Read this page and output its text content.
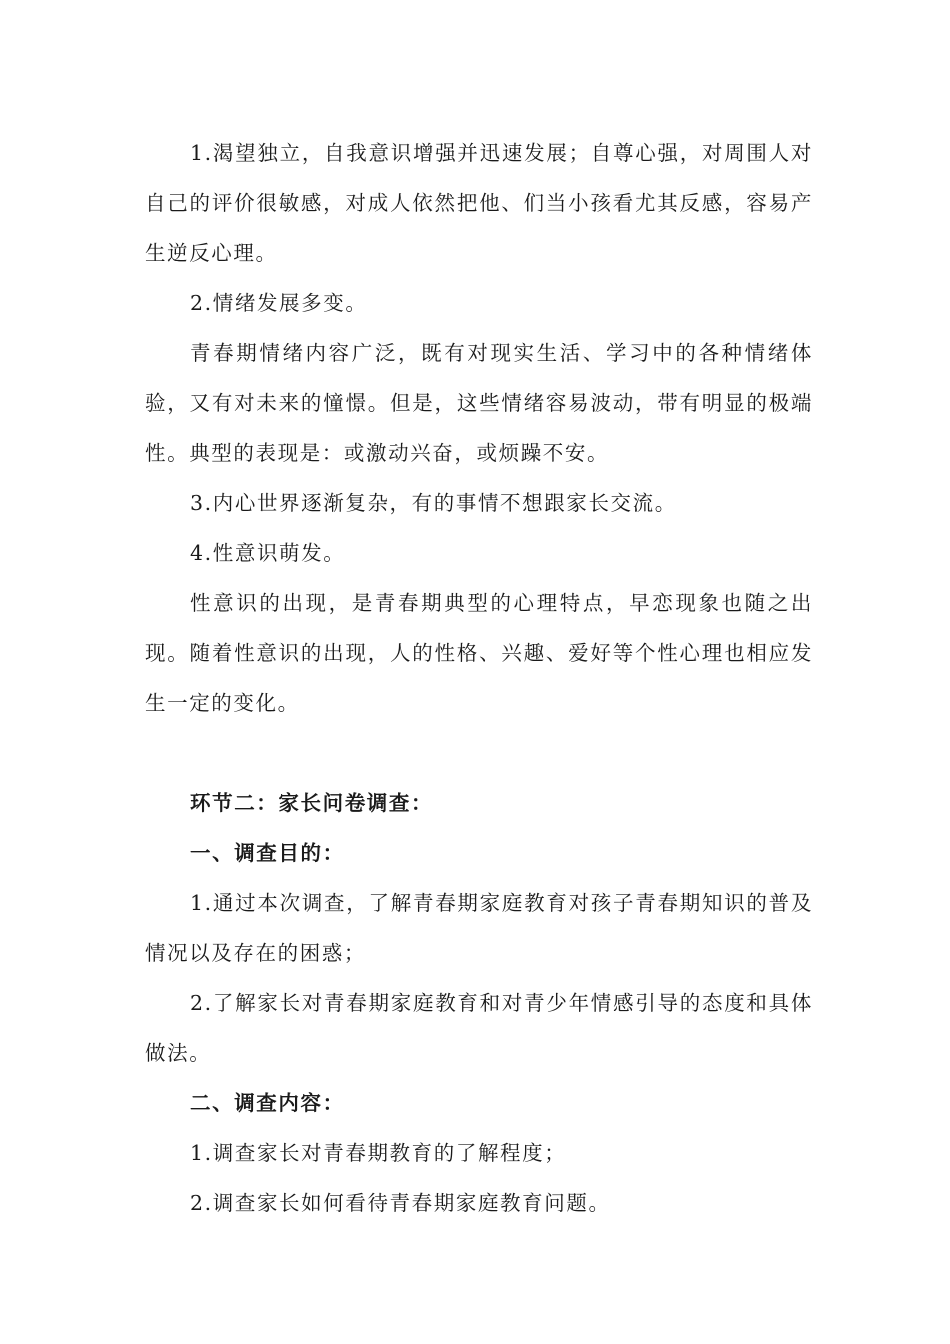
1.渴望独立，自我意识增强并迅速发展；自尊心强，对周围人对自己的评价很敏感，对成人依然把他、们当小孩看尤其反感，容易产生逆反心理。

2.情绪发展多变。

青春期情绪内容广泛，既有对现实生活、学习中的各种情绪体验，又有对未来的憧憬。但是，这些情绪容易波动，带有明显的极端性。典型的表现是：或激动兴奋，或烦躁不安。

3.内心世界逐渐复杂，有的事情不想跟家长交流。

4.性意识萌发。

性意识的出现，是青春期典型的心理特点，早恋现象也随之出现。随着性意识的出现，人的性格、兴趣、爱好等个性心理也相应发生一定的变化。

环节二：家长问卷调查：

一、调查目的：

1.通过本次调查，了解青春期家庭教育对孩子青春期知识的普及情况以及存在的困惑；

2.了解家长对青春期家庭教育和对青少年情感引导的态度和具体做法。

二、调查内容：

1.调查家长对青春期教育的了解程度；

2.调查家长如何看待青春期家庭教育问题。
